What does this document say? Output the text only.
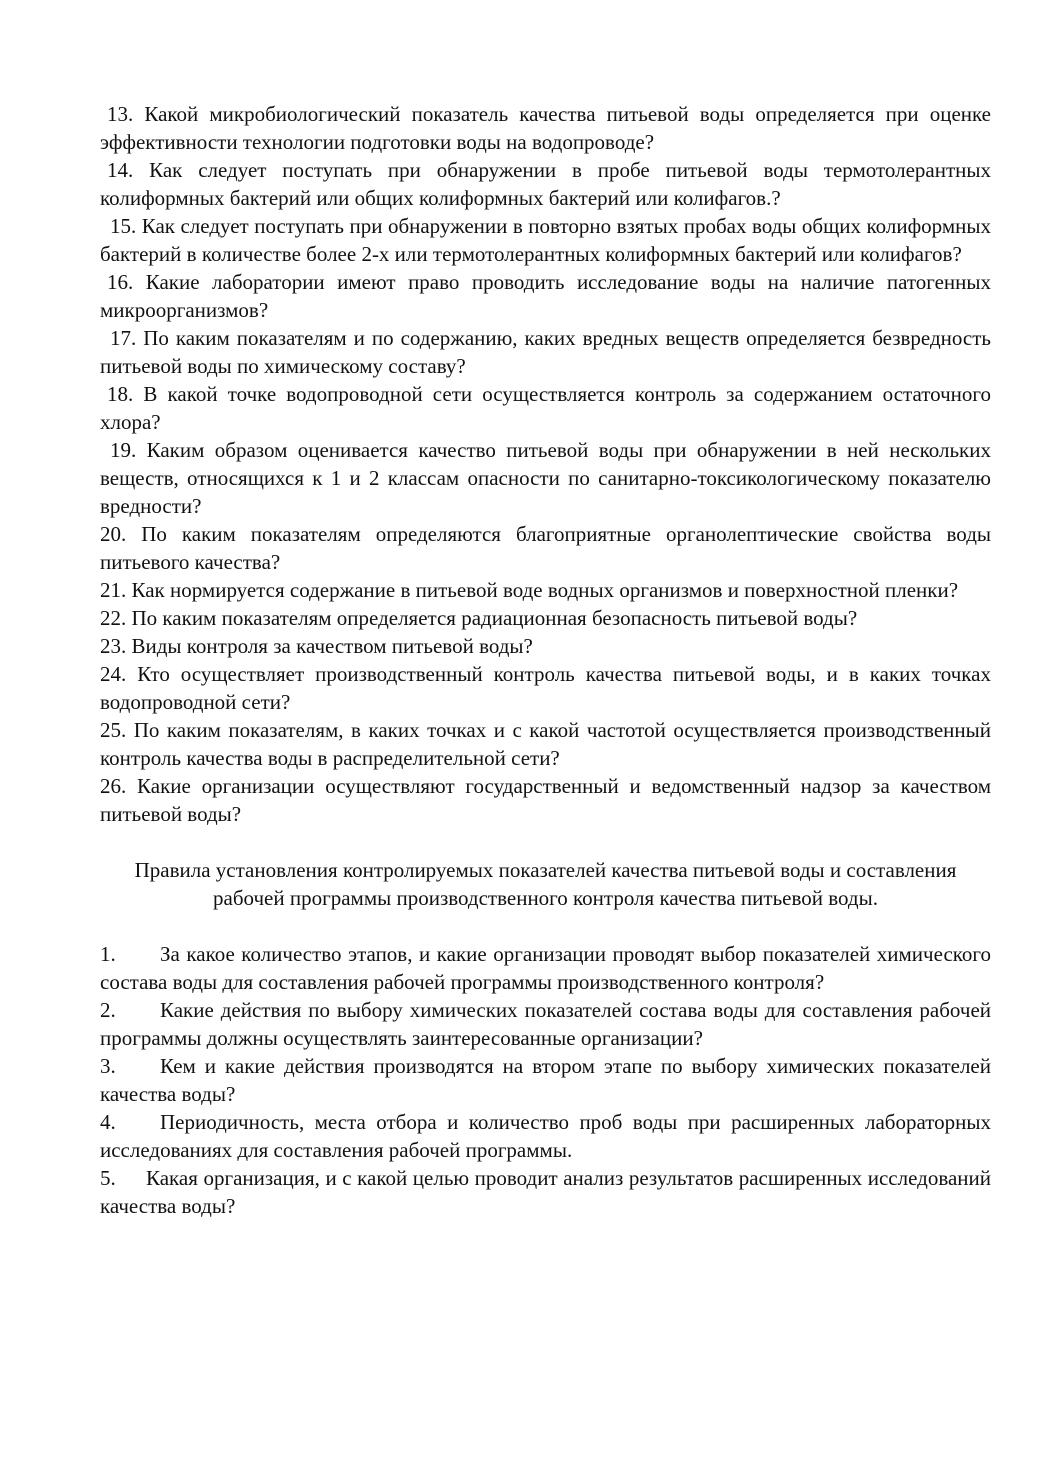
13. Какой микробиологический показатель качества питьевой воды определяется при оценке эффективности технологии подготовки воды на водопроводе?

14. Как следует поступать при обнаружении в пробе питьевой воды термотолерантных колиформных бактерий или общих колиформных бактерий или колифагов.?

15. Как следует поступать при обнаружении в повторно взятых пробах воды общих колиформных бактерий в количестве более 2-х или термотолерантных колиформных бактерий или колифагов?

16. Какие лаборатории имеют право проводить исследование воды на наличие патогенных микроорганизмов?

17. По каким показателям и по содержанию, каких вредных веществ определяется безвредность питьевой воды по химическому составу?

18. В какой точке водопроводной сети осуществляется контроль за содержанием остаточного хлора?

19. Каким образом оценивается качество питьевой воды при обнаружении в ней нескольких веществ, относящихся к 1 и 2 классам опасности по санитарно-токсикологическому показателю вредности?

20. По каким показателям определяются благоприятные органолептические свойства воды питьевого качества?

21. Как нормируется содержание в питьевой воде водных организмов и поверхностной пленки?

22. По каким показателям определяется радиационная безопасность питьевой воды?

23. Виды контроля за качеством питьевой воды?

24. Кто осуществляет производственный контроль качества питьевой воды, и в каких точках водопроводной сети?

25. По каким показателям, в каких точках и с какой частотой осуществляется производственный контроль качества воды в распределительной сети?

26. Какие организации осуществляют государственный и ведомственный надзор за качеством питьевой воды?

Правила установления контролируемых показателей качества питьевой воды и составления рабочей программы производственного контроля качества питьевой воды.

1. За какое количество этапов, и какие организации проводят выбор показателей химического состава воды для составления рабочей программы производственного контроля?

2. Какие действия по выбору химических показателей состава воды для составления рабочей программы должны осуществлять заинтересованные организации?

3. Кем и какие действия производятся на втором этапе по выбору химических показателей качества воды?

4. Периодичность, места отбора и количество проб воды при расширенных лабораторных исследованиях для составления рабочей программы.

5. Какая организация, и с какой целью проводит анализ результатов расширенных исследований качества воды?
